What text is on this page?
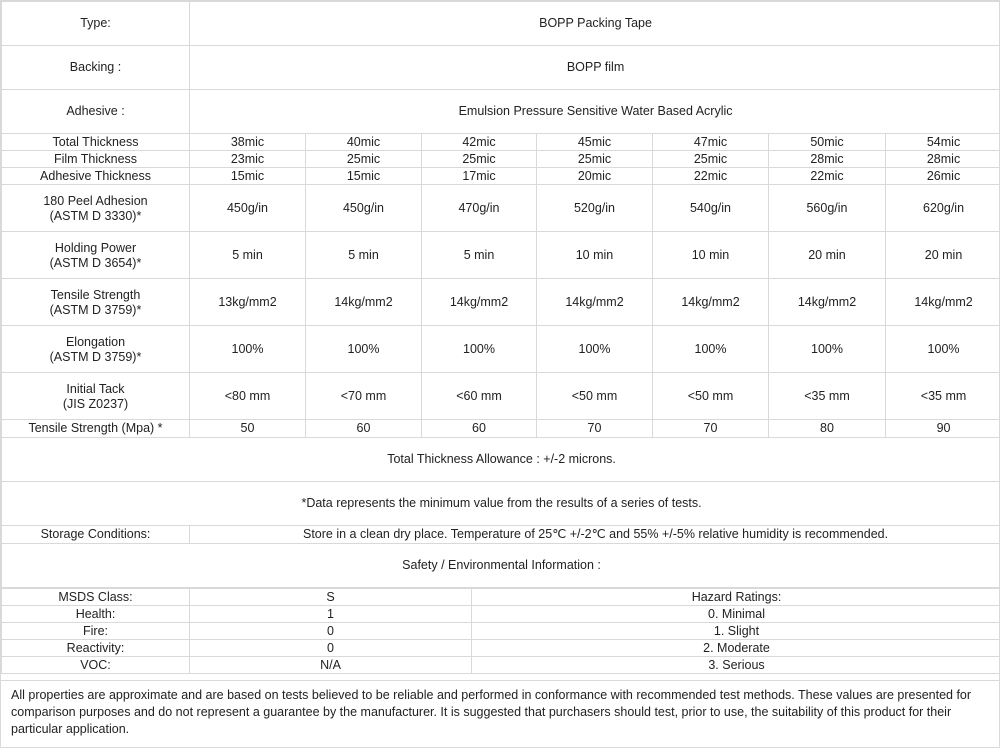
Type:	BOPP Packing Tape						
Backing :	BOPP film						
Adhesive :	Emulsion Pressure Sensitive Water Based Acrylic						
Total Thickness	38mic	40mic	42mic	45mic	47mic	50mic	54mic
Film Thickness	23mic	25mic	25mic	25mic	25mic	28mic	28mic
Adhesive Thickness	15mic	15mic	17mic	20mic	22mic	22mic	26mic

180 Peel Adhesion
(ASTM D 3330)*	450g/in	450g/in	470g/in	520g/in	540g/in	560g/in	620g/in

Holding Power
(ASTM D 3654)*	5 min	5 min	5 min	10 min	10 min	20 min	20 min

Tensile Strength
(ASTM D 3759)*	13kg/mm2	14kg/mm2	14kg/mm2	14kg/mm2	14kg/mm2	14kg/mm2	14kg/mm2

Elongation
(ASTM D 3759)*	100%	100%	100%	100%	100%	100%	100%

Initial Tack
(JIS Z0237)	<80 mm	<70 mm	<60 mm	<50 mm	<50 mm	<35 mm	<35 mm
Tensile Strength (Mpa) *	50	60	60	70	70	80	90
Total Thickness Allowance : +/-2 microns.							
*Data represents the minimum value from the results of a series of tests.							
Storage Conditions:	Store in a clean dry place. Temperature of 25℃ +/-2℃ and 55% +/-5% relative humidity is recommended.						
Safety / Environmental Information :							
MSDS Class:	S	Hazard Ratings:
Health:	1	0. Minimal
Fire:	0	1. Slight
Reactivity:	0	2. Moderate
VOC:	N/A	3. Serious
All properties are approximate and are based on tests believed to be reliable and performed in conformance with recommended test methods. These values are presented for comparison purposes and do not represent a guarantee by the manufacturer. It is suggested that purchasers should test, prior to use, the suitability of this product for their particular application.
